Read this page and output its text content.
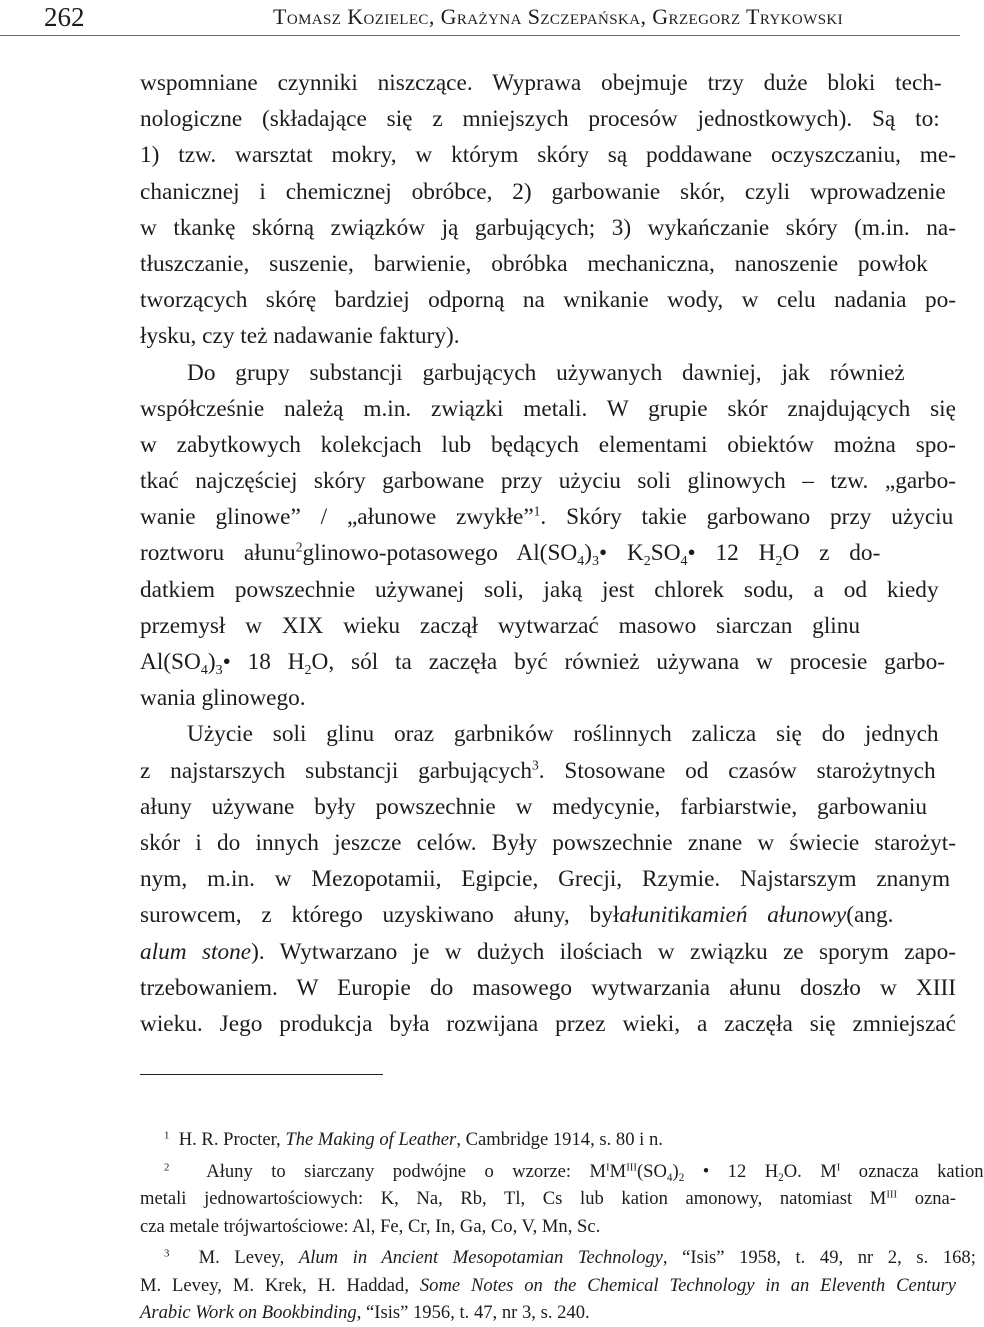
262	Tomasz Kozielec, Grażyna Szczepańska, Grzegorz Trykowski
wspomniane czynniki niszczące. Wyprawa obejmuje trzy duże bloki tech-
nologiczne (składające się z mniejszych procesów jednostkowych). Są to:
1) tzw. warsztat mokry, w którym skóry są poddawane oczyszczaniu, me-
chanicznej i chemicznej obróbce, 2) garbowanie skór, czyli wprowadzenie
w tkankę skórną związków ją garbujących; 3) wykańczanie skóry (m.in. na-
tłuszczanie, suszenie, barwienie, obróbka mechaniczna, nanoszenie powłok
tworzących skórę bardziej odporną na wnikanie wody, w celu nadania po-
łysku, czy też nadawanie faktury).
Do grupy substancji garbujących używanych dawniej, jak również
współcześnie należą m.in. związki metali. W grupie skór znajdujących się
w zabytkowych kolekcjach lub będących elementami obiektów można spo-
tkać najczęściej skóry garbowane przy użyciu soli glinowych – tzw. „garbo-
wanie glinowe” / „ałunowe zwykłe”$^1$. Skóry takie garbowano przy użyciu
roztworu ałunu$^2$glinowo-potasowego $Al(SO_4)_3•$ $K_2SO_4•$ 12 $H_2O$ z do-
datkiem powszechnie używanej soli, jaką jest chlorek sodu, a od kiedy
przemysł w XIX wieku zaczął wytwarzać masowo siarczan glinu
$Al(SO_4)_3•$ 18 $H_2O$, sól ta zaczęła być również używana w procesie garbo-
wania glinowego.
Użycie soli glinu oraz garbników roślinnych zalicza się do jednych
z najstarszych substancji garbujących$^3$. Stosowane od czasów starożytnych
ałuny używane były powszechnie w medycynie, farbiarstwie, garbowaniu
skór i do innych jeszcze celów. Były powszechnie znane w świecie starożyt-
nym, m.in. w Mezopotamii, Egipcie, Grecji, Rzymie. Najstarszym znanym
surowcem, z którego uzyskiwano ałuny, byłałunitikamień ałunowy(ang.
alum stone). Wytwarzano je w dużych ilościach w związku ze sporym zapo-
trzebowaniem. W Europie do masowego wytwarzania ałunu doszło w XIII
wieku. Jego produkcja była rozwijana przez wieki, a zaczęła się zmniejszać
$^1$ H. R. Procter, The Making of Leather, Cambridge 1914, s. 80 i n.
$^2$ Ałuny to siarczany podwójne o wzorze: $M^IM^{III}(SO_4)_2$ • 12 $H_2O$. $M^I$ oznacza kation
metali jednowartościowych: K, Na, Rb, Tl, Cs lub kation amonowy, natomiast $M^{III}$ ozna-
cza metale trójwartościowe: Al, Fe, Cr, In, Ga, Co, V, Mn, Sc.
$^3$ M. Levey, Alum in Ancient Mesopotamian Technology, “Isis” 1958, t. 49, nr 2, s. 168;
M. Levey, M. Krek, H. Haddad, Some Notes on the Chemical Technology in an Eleventh Century
Arabic Work on Bookbinding, “Isis” 1956, t. 47, nr 3, s. 240.
